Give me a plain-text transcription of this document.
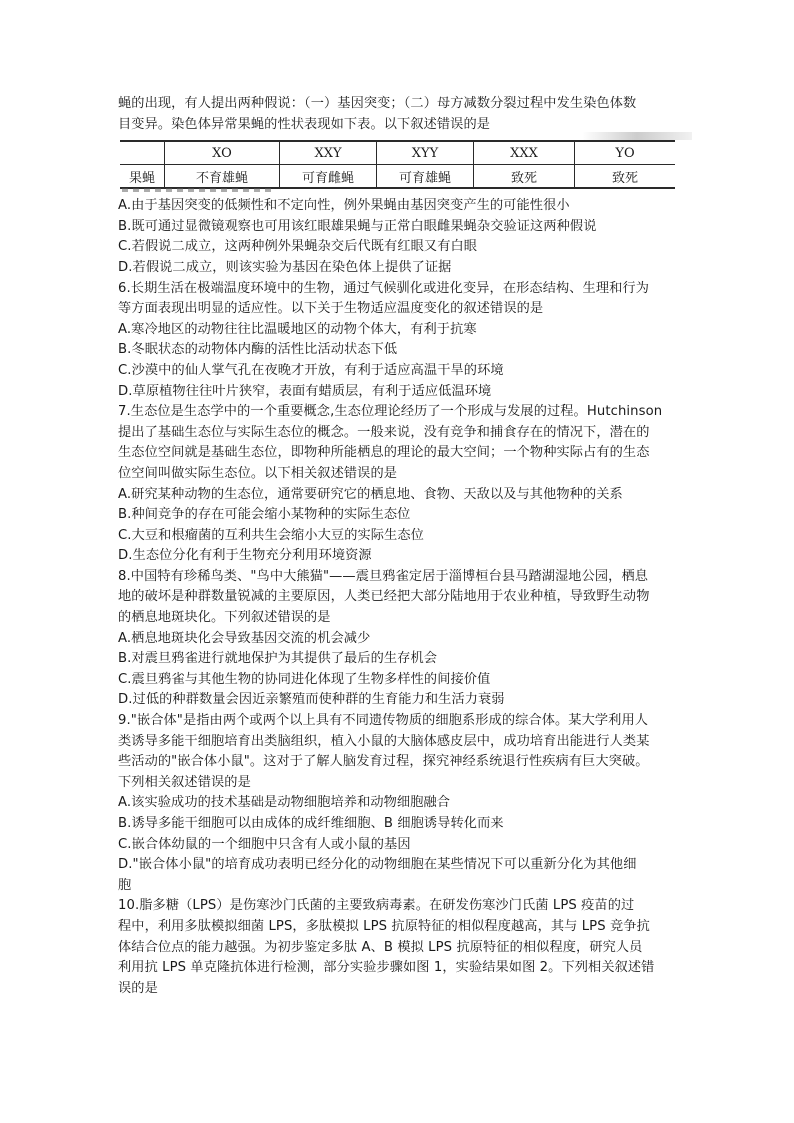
蝇的出现，有人提出两种假说：（一）基因突变；（二）母方减数分裂过程中发生染色体数
目变异。染色体异常果蝇的性状表现如下表。以下叙述错误的是
	XO	XXY	XYY	XXX	YO
果蝇	不育雄蝇	可育雌蝇	可育雄蝇	致死	致死
A.由于基因突变的低频性和不定向性，例外果蝇由基因突变产生的可能性很小
B.既可通过显微镜观察也可用该红眼雄果蝇与正常白眼雌果蝇杂交验证这两种假说
C.若假说二成立，这两种例外果蝇杂交后代既有红眼又有白眼
D.若假说二成立，则该实验为基因在染色体上提供了证据
6.长期生活在极端温度环境中的生物，通过气候驯化或进化变异，在形态结构、生理和行为
等方面表现出明显的适应性。以下关于生物适应温度变化的叙述错误的是
A.寒冷地区的动物往往比温暖地区的动物个体大，有利于抗寒
B.冬眠状态的动物体内酶的活性比活动状态下低
C.沙漠中的仙人掌气孔在夜晚才开放，有利于适应高温干旱的环境
D.草原植物往往叶片狭窄，表面有蜡质层，有利于适应低温环境
7.生态位是生态学中的一个重要概念,生态位理论经历了一个形成与发展的过程。Hutchinson
提出了基础生态位与实际生态位的概念。一般来说，没有竞争和捕食存在的情况下，潜在的
生态位空间就是基础生态位，即物种所能栖息的理论的最大空间；一个物种实际占有的生态
位空间叫做实际生态位。以下相关叙述错误的是
A.研究某种动物的生态位，通常要研究它的栖息地、食物、天敌以及与其他物种的关系
B.种间竞争的存在可能会缩小某物种的实际生态位
C.大豆和根瘤菌的互利共生会缩小大豆的实际生态位
D.生态位分化有利于生物充分利用环境资源
8.中国特有珍稀鸟类、"鸟中大熊猫"——震旦鸦雀定居于淄博桓台县马踏湖湿地公园，栖息
地的破坏是种群数量锐减的主要原因，人类已经把大部分陆地用于农业种植，导致野生动物
的栖息地斑块化。下列叙述错误的是
A.栖息地斑块化会导致基因交流的机会减少
B.对震旦鸦雀进行就地保护为其提供了最后的生存机会
C.震旦鸦雀与其他生物的协同进化体现了生物多样性的间接价值
D.过低的种群数量会因近亲繁殖而使种群的生育能力和生活力衰弱
9."嵌合体"是指由两个或两个以上具有不同遗传物质的细胞系形成的综合体。某大学利用人
类诱导多能干细胞培育出类脑组织，植入小鼠的大脑体感皮层中，成功培育出能进行人类某
些活动的"嵌合体小鼠"。这对于了解人脑发育过程，探究神经系统退行性疾病有巨大突破。
下列相关叙述错误的是
A.该实验成功的技术基础是动物细胞培养和动物细胞融合
B.诱导多能干细胞可以由成体的成纤维细胞、B 细胞诱导转化而来
C.嵌合体幼鼠的一个细胞中只含有人或小鼠的基因
D."嵌合体小鼠"的培育成功表明已经分化的动物细胞在某些情况下可以重新分化为其他细
胞
10.脂多糖（LPS）是伤寒沙门氏菌的主要致病毒素。在研发伤寒沙门氏菌 LPS 疫苗的过
程中，利用多肽模拟细菌 LPS，多肽模拟 LPS 抗原特征的相似程度越高，其与 LPS 竞争抗
体结合位点的能力越强。为初步鉴定多肽 A、B 模拟 LPS 抗原特征的相似程度，研究人员
利用抗 LPS 单克隆抗体进行检测，部分实验步骤如图 1，实验结果如图 2。下列相关叙述错
误的是
